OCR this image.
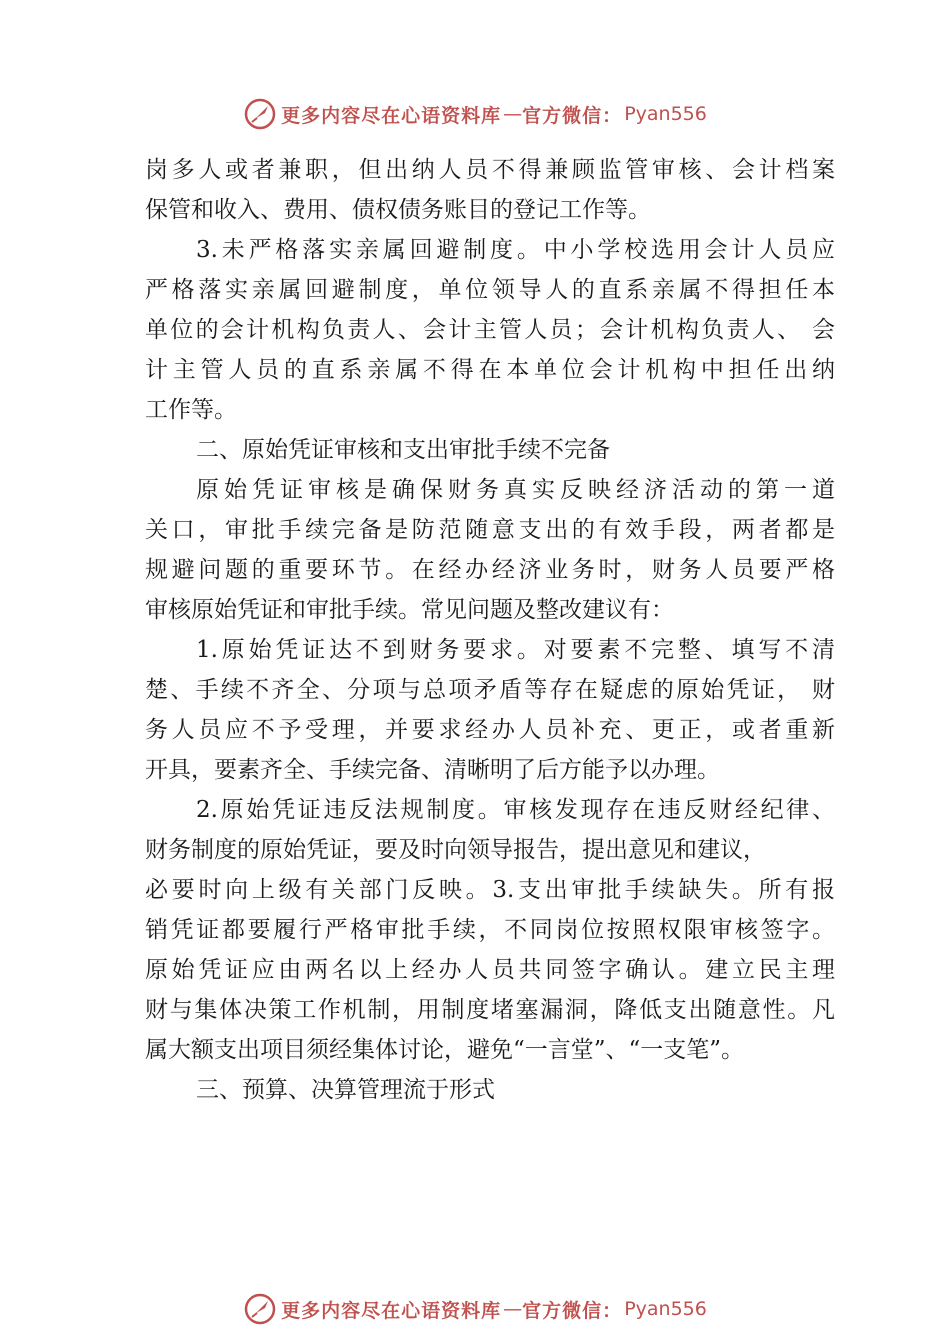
更多内容尽在心语资料库 — 官方微信： Pyan556
岗多人或者兼职，但出纳人员不得兼顾监管审核、会计档案
保管和收入、费用、债权债务账目的登记工作等。
3.未严格落实亲属回避制度。中小学校选用会计人员应
严格落实亲属回避制度，单位领导人的直系亲属不得担任本
单位的会计机构负责人、会计主管人员；会计机构负责人、 会
计主管人员的直系亲属不得在本单位会计机构中担任出纳
工作等。
二、原始凭证审核和支出审批手续不完备
原始凭证审核是确保财务真实反映经济活动的第一道
关口，审批手续完备是防范随意支出的有效手段，两者都是
规避问题的重要环节。在经办经济业务时，财务人员要严格
审核原始凭证和审批手续。常见问题及整改建议有：
1.原始凭证达不到财务要求。对要素不完整、填写不清
楚、手续不齐全、分项与总项矛盾等存在疑虑的原始凭证， 财
务人员应不予受理，并要求经办人员补充、更正，或者重新
开具，要素齐全、手续完备、清晰明了后方能予以办理。
2.原始凭证违反法规制度。审核发现存在违反财经纪律、
财务制度的原始凭证，要及时向领导报告，提出意见和建议，
必要时向上级有关部门反映。3.支出审批手续缺失。所有报
销凭证都要履行严格审批手续，不同岗位按照权限审核签字。
原始凭证应由两名以上经办人员共同签字确认。建立民主理
财与集体决策工作机制，用制度堵塞漏洞，降低支出随意性。凡
属大额支出项目须经集体讨论，避免“一言堂”、“一支笔”。
三、预算、决算管理流于形式
更多内容尽在心语资料库 — 官方微信： Pyan556
